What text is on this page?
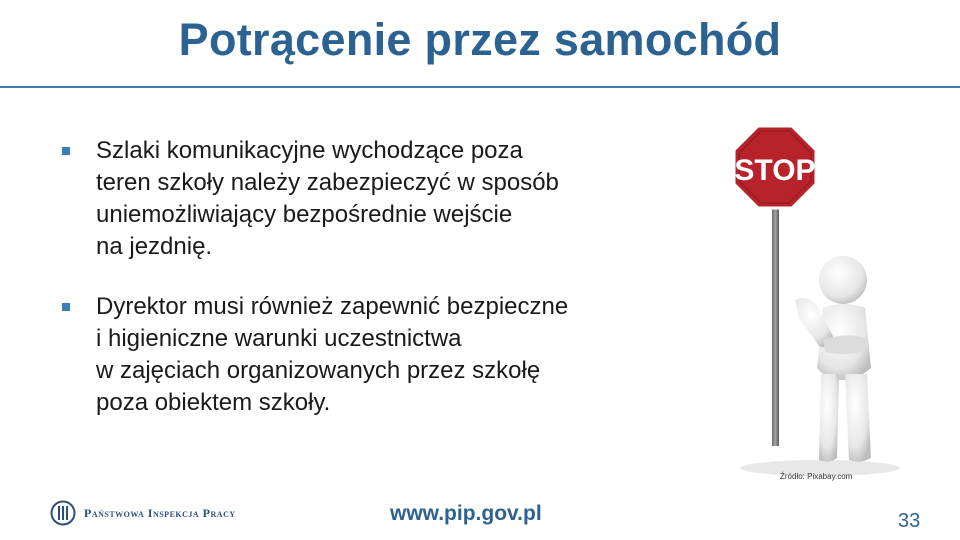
Potrącenie przez samochód
Szlaki komunikacyjne wychodzące poza
teren szkoły należy zabezpieczyć w sposób
uniemożliwiający bezpośrednie wejście
na jezdnię.
Dyrektor musi również zapewnić bezpieczne
i higieniczne warunki uczestnictwa
w zajęciach organizowanych przez szkołę
poza obiektem szkoły.
STOP
Źródło: Pixabay.com
Państwowa Inspekcja Pracy	www.pip.gov.pl	33
